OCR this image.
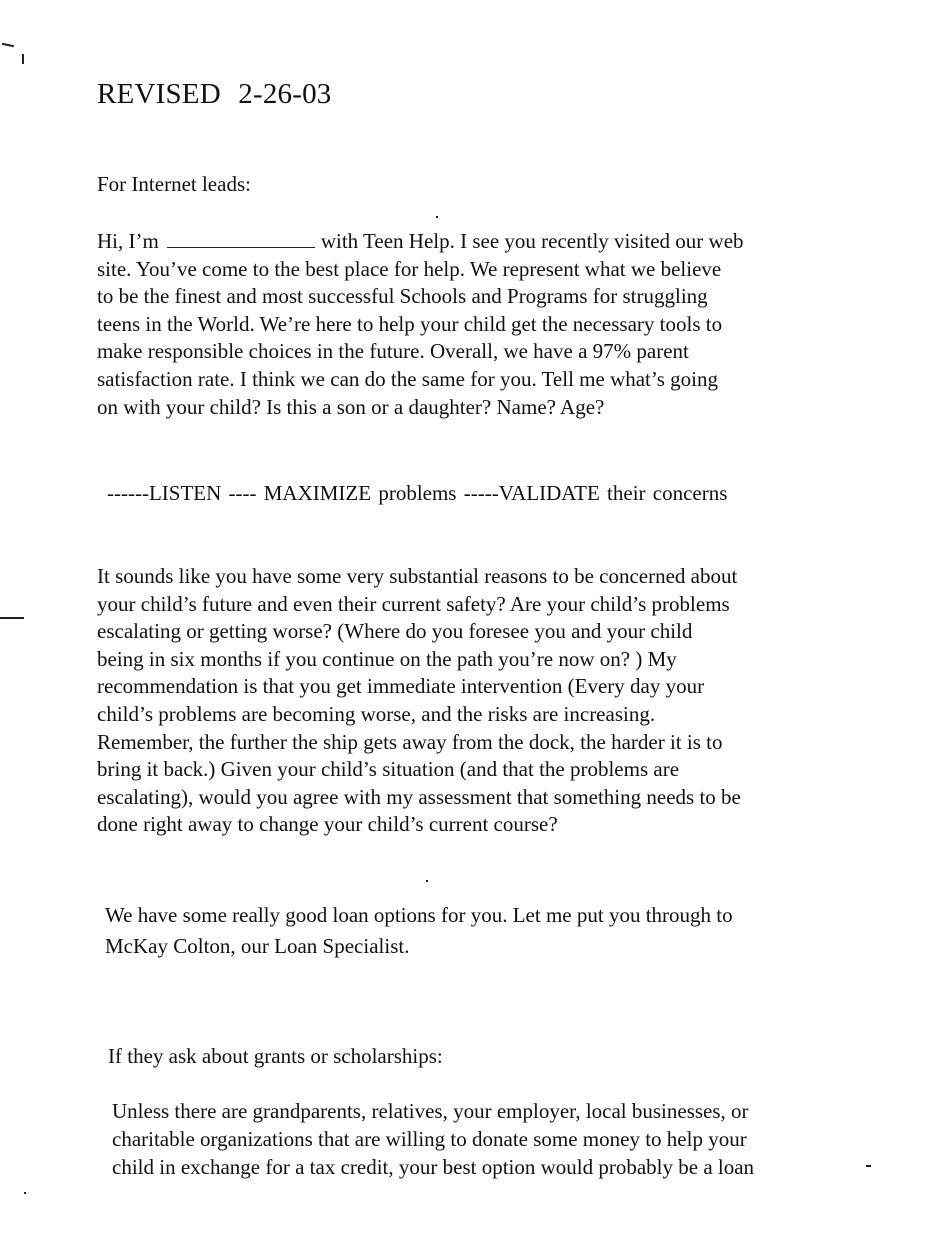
REVISED 2-26-03
For Internet leads:
Hi, I’m	with Teen Help. I see you recently visited our web
site. You’ve come to the best place for help. We represent what we believe
to be the finest and most successful Schools and Programs for struggling
teens in the World. We’re here to help your child get the necessary tools to
make responsible choices in the future. Overall, we have a 97% parent
satisfaction rate. I think we can do the same for you. Tell me what’s going
on with your child? Is this a son or a daughter? Name? Age?
------LISTEN ---- MAXIMIZE problems -----VALIDATE their concerns
It sounds like you have some very substantial reasons to be concerned about
your child’s future and even their current safety? Are your child’s problems
escalating or getting worse? (Where do you foresee you and your child
being in six months if you continue on the path you’re now on? ) My
recommendation is that you get immediate intervention (Every day your
child’s problems are becoming worse, and the risks are increasing.
Remember, the further the ship gets away from the dock, the harder it is to
bring it back.) Given your child’s situation (and that the problems are
escalating), would you agree with my assessment that something needs to be
done right away to change your child’s current course?
We have some really good loan options for you. Let me put you through to
McKay Colton, our Loan Specialist.
If they ask about grants or scholarships:
Unless there are grandparents, relatives, your employer, local businesses, or
charitable organizations that are willing to donate some money to help your
child in exchange for a tax credit, your best option would probably be a loan
